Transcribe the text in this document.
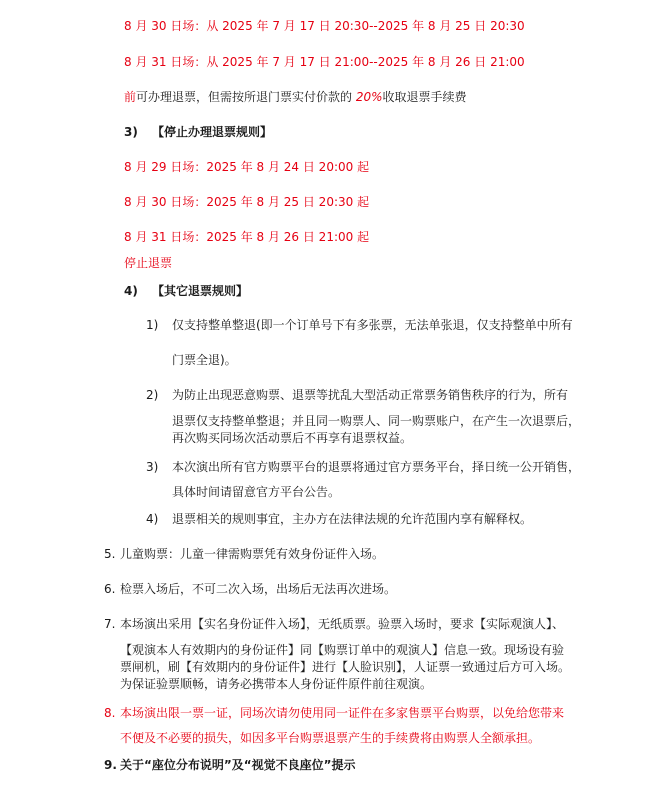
8 月 30 日场：从 2025 年 7 月 17 日 20:30--2025 年 8 月 25 日 20:30

8 月 31 日场：从 2025 年 7 月 17 日 21:00--2025 年 8 月 26 日 21:00

前可办理退票，但需按所退门票实付价款的 20%收取退票手续费

3) 【停止办理退票规则】

8 月 29 日场：2025 年 8 月 24 日 20:00 起

8 月 30 日场：2025 年 8 月 25 日 20:30 起

8 月 31 日场：2025 年 8 月 26 日 21:00 起

停止退票

4) 【其它退票规则】

1) 仅支持整单整退(即一个订单号下有多张票，无法单张退，仅支持整单中所有

门票全退)。

2) 为防止出现恶意购票、退票等扰乱大型活动正常票务销售秩序的行为，所有

退票仅支持整单整退；并且同一购票人、同一购票账户，在产生一次退票后，

再次购买同场次活动票后不再享有退票权益。

3) 本次演出所有官方购票平台的退票将通过官方票务平台，择日统一公开销售，

具体时间请留意官方平台公告。

4) 退票相关的规则事宜，主办方在法律法规的允许范围内享有解释权。

5. 儿童购票：儿童一律需购票凭有效身份证件入场。

6. 检票入场后，不可二次入场，出场后无法再次进场。

7. 本场演出采用【实名身份证件入场】，无纸质票。验票入场时，要求【实际观演人】、

【观演本人有效期内的身份证件】同【购票订单中的观演人】信息一致。现场设有验

票闸机，刷【有效期内的身份证件】进行【人脸识别】，人证票一致通过后方可入场。

为保证验票顺畅，请务必携带本人身份证件原件前往观演。

8. 本场演出限一票一证，同场次请勿使用同一证件在多家售票平台购票，以免给您带来

不便及不必要的损失，如因多平台购票退票产生的手续费将由购票人全额承担。

9. 关于“座位分布说明”及“视觉不良座位”提示
